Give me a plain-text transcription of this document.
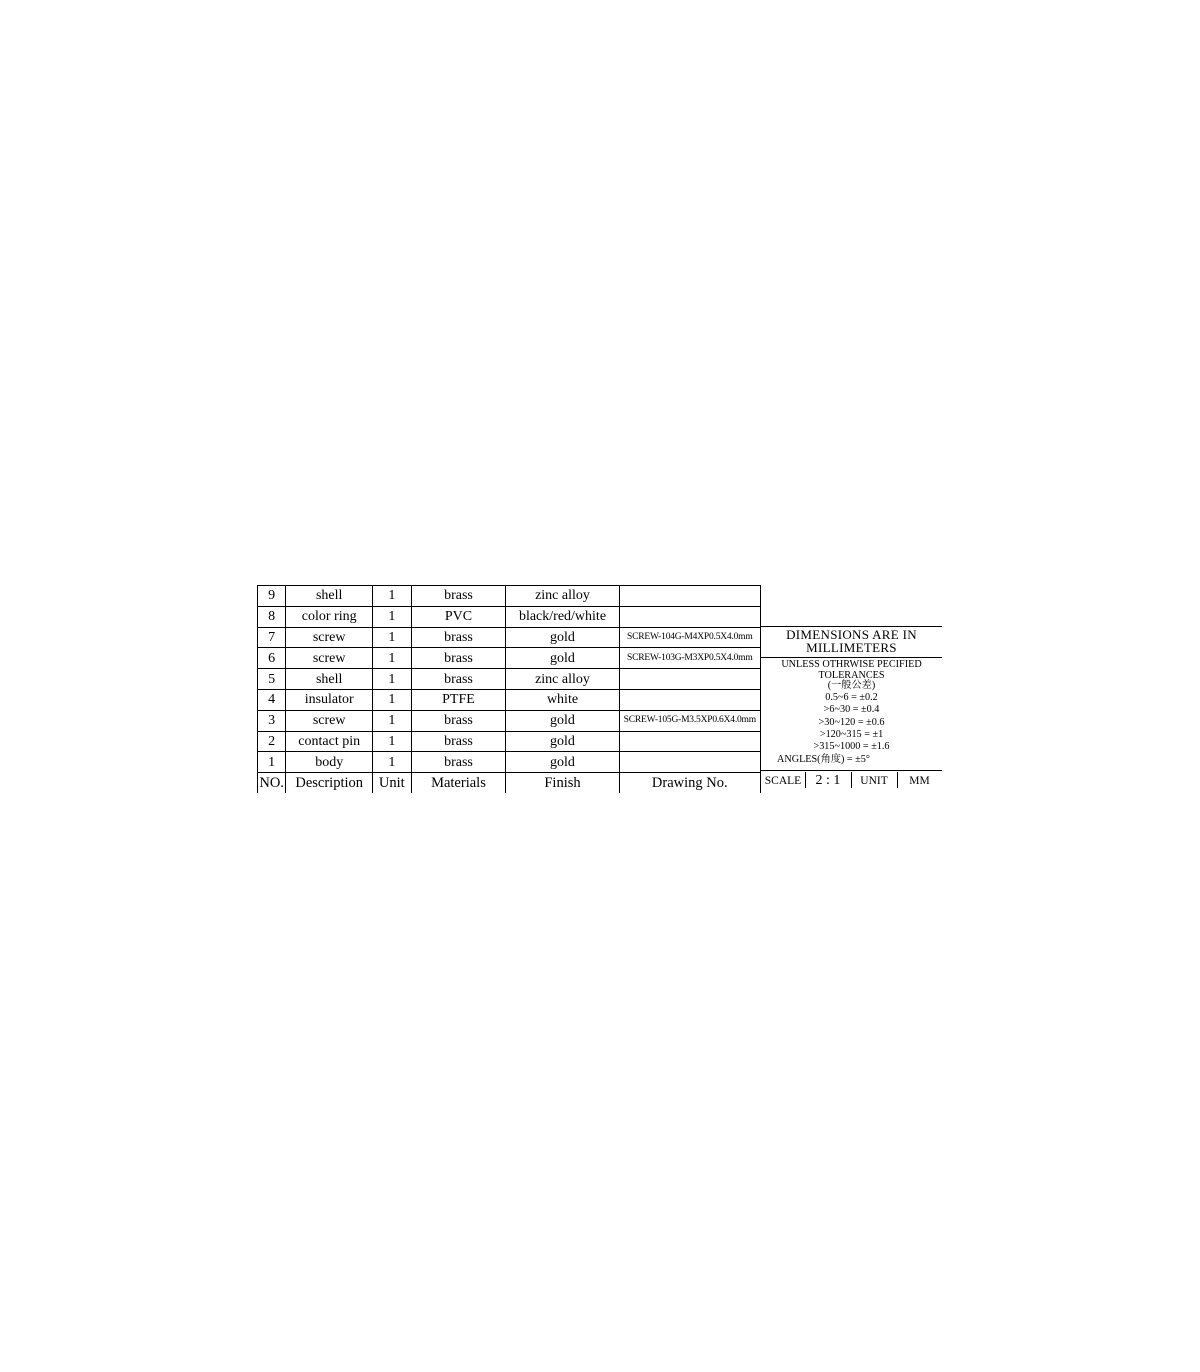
9	shell	1	brass	zinc alloy	
8	color ring	1	PVC	black/red/white	
7	screw	1	brass	gold	SCREW-104G-M4XP0.5X4.0mm
6	screw	1	brass	gold	SCREW-103G-M3XP0.5X4.0mm
5	shell	1	brass	zinc alloy	
4	insulator	1	PTFE	white	
3	screw	1	brass	gold	SCREW-105G-M3.5XP0.6X4.0mm
2	contact pin	1	brass	gold	
1	body	1	brass	gold	
NO.	Description	Unit	Materials	Finish	Drawing No.
DIMENSIONS ARE IN
MILLIMETERS
UNLESS OTHRWISE PECIFIED
TOLERANCES
(一般公差)
0.5~6 = ±0.2
>6~30 = ±0.4
>30~120 = ±0.6
>120~315 = ±1
>315~1000 = ±1.6
ANGLES(角度) = ±5°
SCALE	2 : 1	UNIT	MM
